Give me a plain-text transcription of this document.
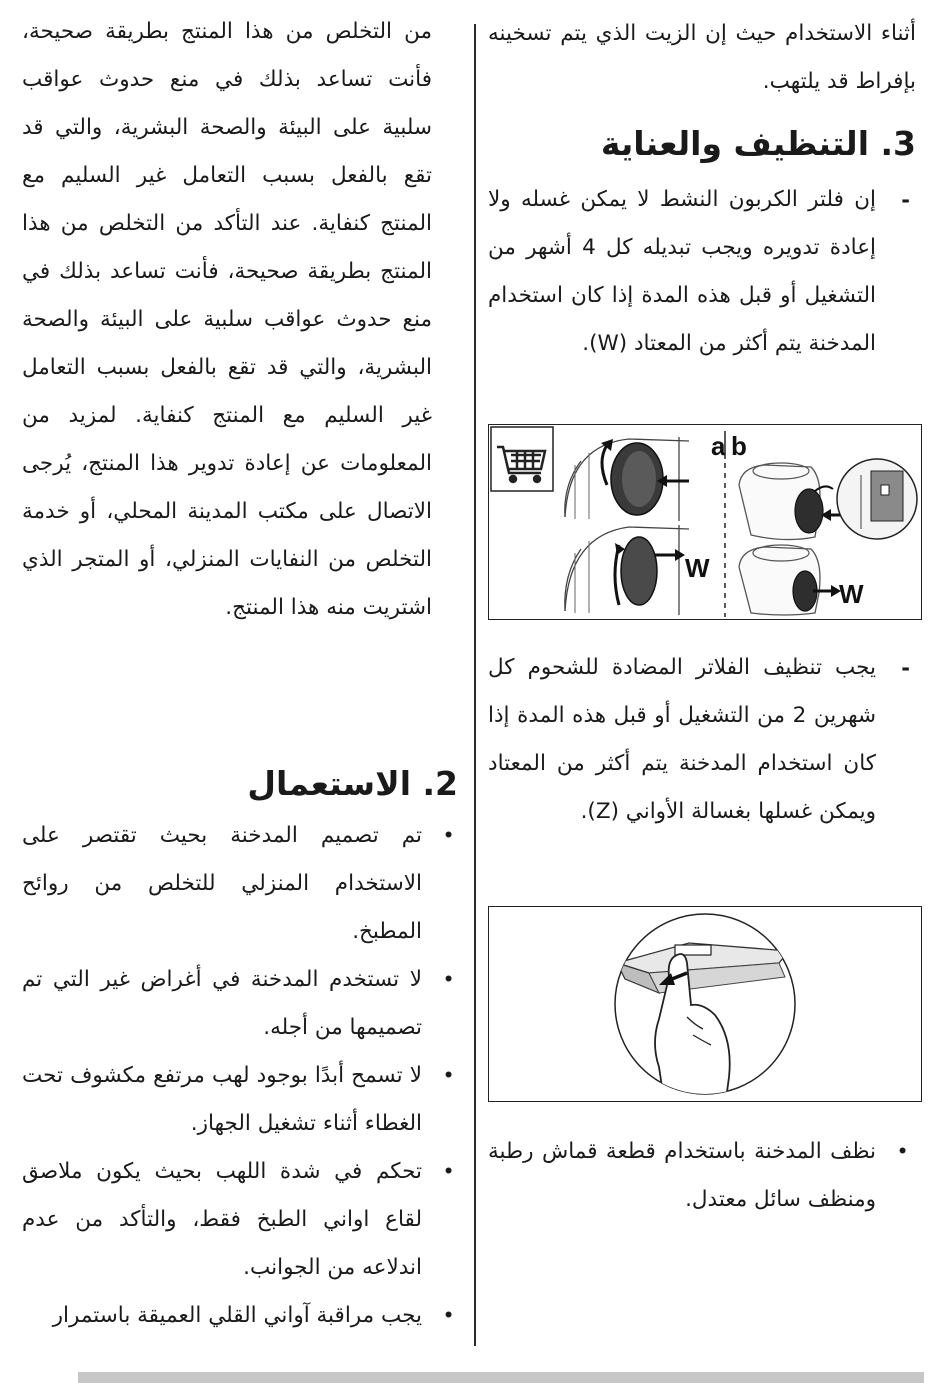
أثناء الاستخدام حيث إن الزيت الذي يتم تسخينه بإفراط قد يلتهب.

3. التنظيف والعناية
-

إن فلتر الكربون النشط لا يمكن غسله ولا إعادة تدويره ويجب تبديله كل 4 أشهر من التشغيل أو قبل هذه المدة إذا كان استخدام المدخنة يتم أكثر من المعتاد (W).

-

يجب تنظيف الفلاتر المضادة للشحوم كل شهرين 2 من التشغيل أو قبل هذه المدة إذا كان استخدام المدخنة يتم أكثر من المعتاد ويمكن غسلها بغسالة الأواني (Z).

•

نظف المدخنة باستخدام قطعة قماش رطبة ومنظف سائل معتدل.

a b
W
W

من التخلص من هذا المنتج بطريقة صحيحة، فأنت تساعد بذلك في منع حدوث عواقب سلبية على البيئة والصحة البشرية، والتي قد تقع بالفعل بسبب التعامل غير السليم مع المنتج كنفاية. عند التأكد من التخلص من هذا المنتج بطريقة صحيحة، فأنت تساعد بذلك في منع حدوث عواقب سلبية على البيئة والصحة البشرية، والتي قد تقع بالفعل بسبب التعامل غير السليم مع المنتج كنفاية. لمزيد من المعلومات عن إعادة تدوير هذا المنتج، يُرجى الاتصال على مكتب المدينة المحلي، أو خدمة التخلص من النفايات المنزلي، أو المتجر الذي اشتريت منه هذا المنتج.

2. الاستعمال
•

تم تصميم المدخنة بحيث تقتصر على الاستخدام المنزلي للتخلص من روائح المطبخ.

•

لا تستخدم المدخنة في أغراض غير التي تم تصميمها من أجله.

•

لا تسمح أبدًا بوجود لهب مرتفع مكشوف تحت الغطاء أثناء تشغيل الجهاز.

•

تحكم في شدة اللهب بحيث يكون ملاصق لقاع اواني الطبخ فقط، والتأكد من عدم اندلاعه من الجوانب.

•

يجب مراقبة آواني القلي العميقة باستمرار
